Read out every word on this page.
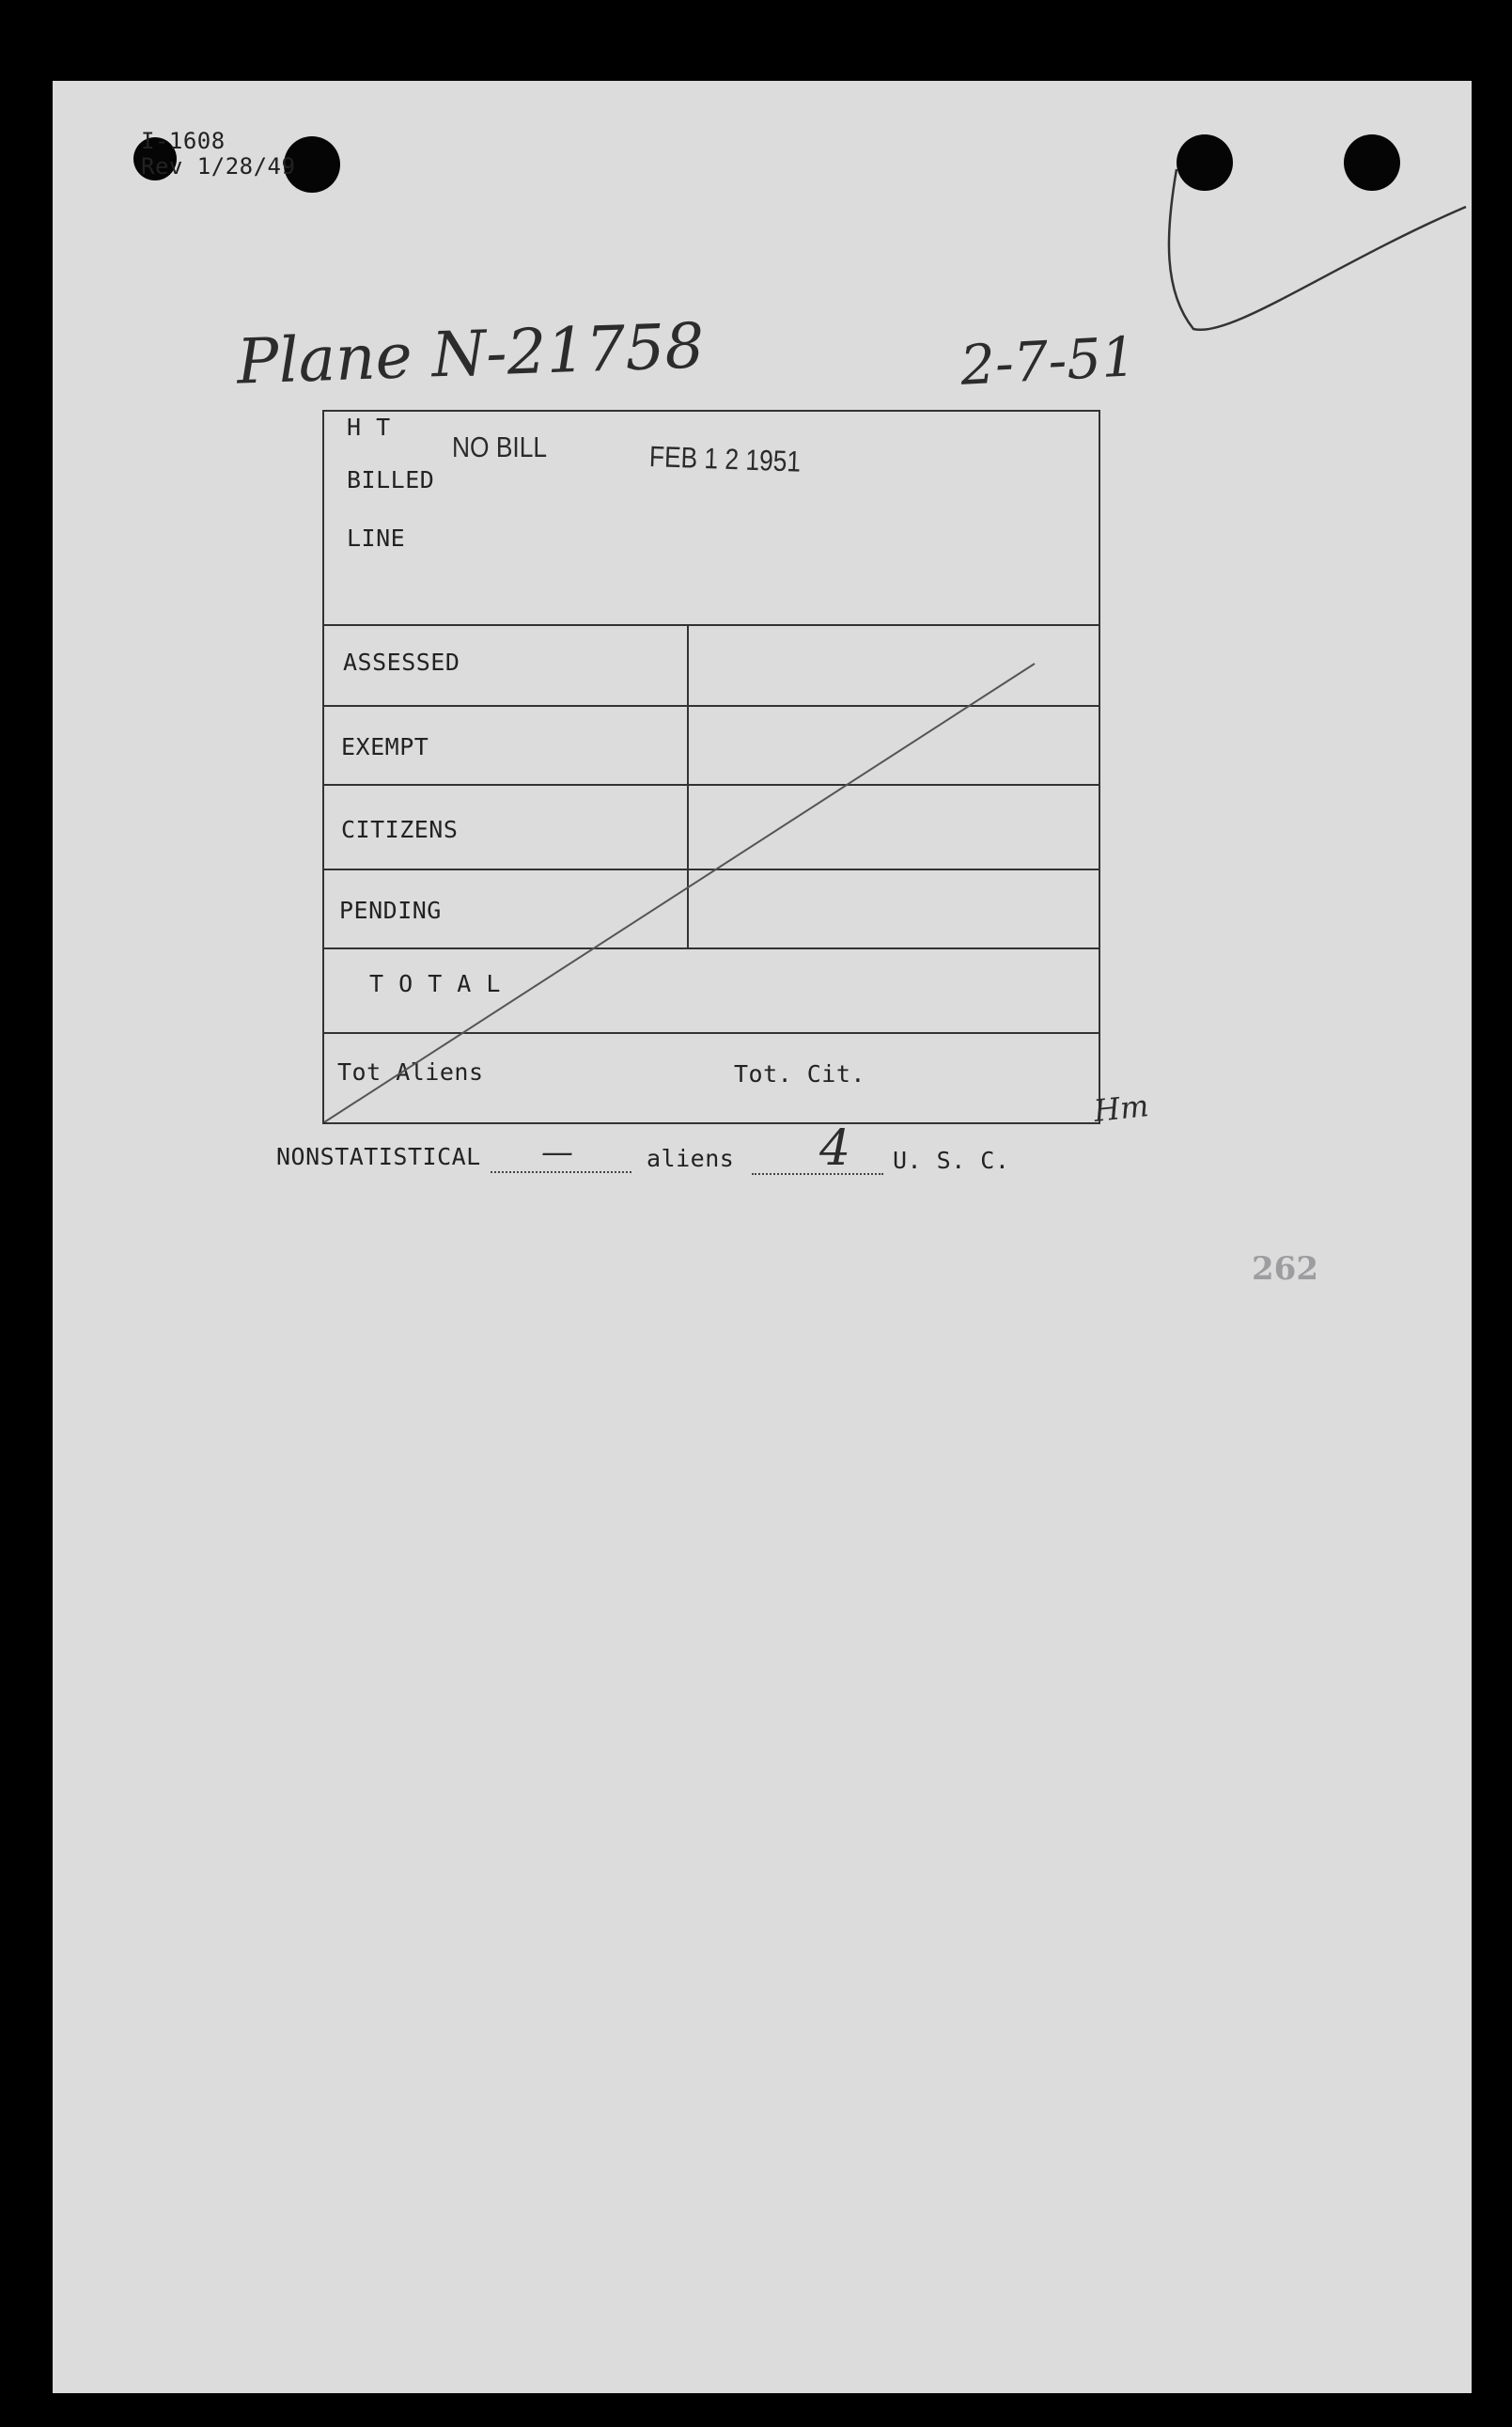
I-1608

Rev 1/28/49

Plane N-21758	2-7-51

H T

BILLED

LINE

NO BILL	FEB 1 2 1951

ASSESSED

EXEMPT

CITIZENS

PENDING

T O T A L

Tot Aliens	Tot. Cit.

Hm

NONSTATISTICAL —	aliens 4 U. S. C.

262
